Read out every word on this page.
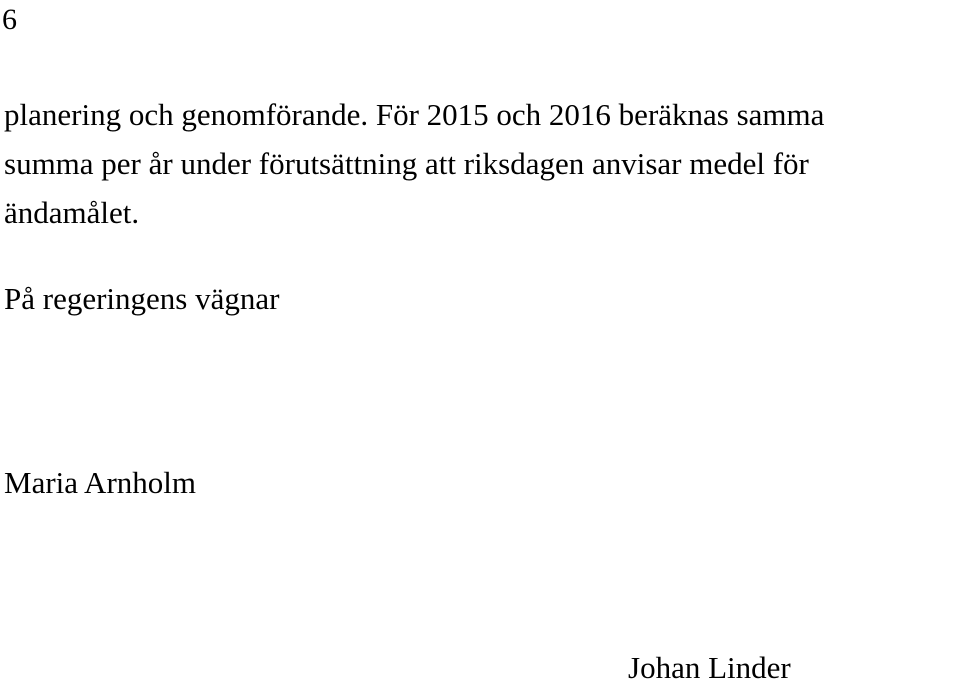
6

planering och genomförande. För 2015 och 2016 beräknas samma
summa per år under förutsättning att riksdagen anvisar medel för
ändamålet.

På regeringens vägnar

Maria Arnholm

Johan Linder
